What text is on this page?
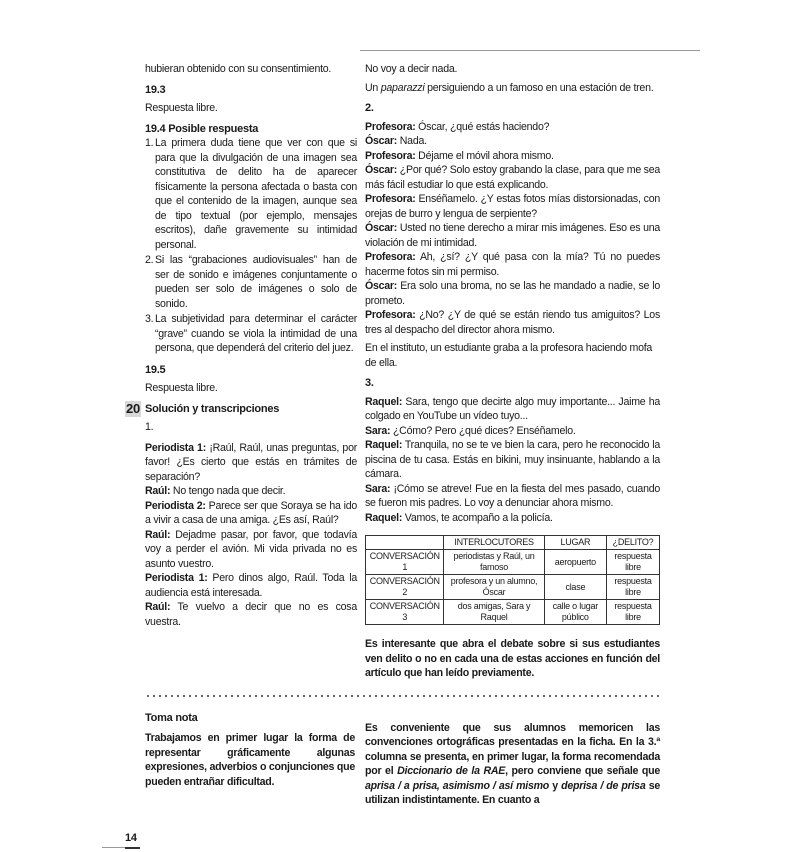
hubieran obtenido con su consentimiento.

19.3

Respuesta libre.

19.4 Posible respuesta
1. La primera duda tiene que ver con que si para que la divulgación de una imagen sea constitutiva de delito ha de aparecer físicamente la persona afectada o basta con que el contenido de la imagen, aunque sea de tipo textual (por ejemplo, mensajes escritos), dañe gravemente su intimidad personal.
2. Si las “grabaciones audiovisuales” han de ser de sonido e imágenes conjuntamente o pueden ser solo de imágenes o solo de sonido.
3. La subjetividad para determinar el carácter “grave” cuando se viola la intimidad de una persona, que dependerá del criterio del juez.
19.5

Respuesta libre.

20 Solución y transcripciones

1.

Periodista 1: ¡Raúl, Raúl, unas preguntas, por favor! ¿Es cierto que estás en trámites de separación?

Raúl: No tengo nada que decir.

Periodista 2: Parece ser que Soraya se ha ido a vivir a casa de una amiga. ¿Es así, Raúl?

Raúl: Dejadme pasar, por favor, que todavía voy a perder el avión. Mi vida privada no es asunto vuestro.

Periodista 1: Pero dinos algo, Raúl. Toda la audiencia está interesada.

Raúl: Te vuelvo a decir que no es cosa vuestra.

No voy a decir nada.

Un paparazzi persiguiendo a un famoso en una estación de tren.

2.

Profesora: Óscar, ¿qué estás haciendo?

Óscar: Nada.

Profesora: Déjame el móvil ahora mismo.

Óscar: ¿Por qué? Solo estoy grabando la clase, para que me sea más fácil estudiar lo que está explicando.

Profesora: Enséñamelo. ¿Y estas fotos mías distorsionadas, con orejas de burro y lengua de serpiente?

Óscar: Usted no tiene derecho a mirar mis imágenes. Eso es una violación de mi intimidad.

Profesora: Ah, ¿sí? ¿Y qué pasa con la mía? Tú no puedes hacerme fotos sin mi permiso.

Óscar: Era solo una broma, no se las he mandado a nadie, se lo prometo.

Profesora: ¿No? ¿Y de qué se están riendo tus amiguitos? Los tres al despacho del director ahora mismo.

En el instituto, un estudiante graba a la profesora haciendo mofa de ella.

3.

Raquel: Sara, tengo que decirte algo muy importante... Jaime ha colgado en YouTube un vídeo tuyo...

Sara: ¿Cómo? Pero ¿qué dices? Enséñamelo.

Raquel: Tranquila, no se te ve bien la cara, pero he reconocido la piscina de tu casa. Estás en bikini, muy insinuante, hablando a la cámara.

Sara: ¡Cómo se atreve! Fue en la fiesta del mes pasado, cuando se fueron mis padres. Lo voy a denunciar ahora mismo.

Raquel: Vamos, te acompaño a la policía.

	INTERLOCUTORES	LUGAR	¿DELITO?
CONVERSACIÓN 1	periodistas y Raúl, un famoso	aeropuerto	respuesta libre
CONVERSACIÓN 2	profesora y un alumno, Óscar	clase	respuesta libre
CONVERSACIÓN 3	dos amigas, Sara y Raquel	calle o lugar público	respuesta libre

Es interesante que abra el debate sobre si sus estudiantes ven delito o no en cada una de estas acciones en función del artículo que han leído previamente.

Toma nota

Trabajamos en primer lugar la forma de representar gráficamente algunas expresiones, adverbios o conjunciones que pueden entrañar dificultad.

Es conveniente que sus alumnos memoricen las convenciones ortográficas presentadas en la ficha. En la 3.ª columna se presenta, en primer lugar, la forma recomendada por el Diccionario de la RAE, pero conviene que señale que aprisa / a prisa, asimismo / así mismo y deprisa / de prisa se utilizan indistintamente. En cuanto a
14
